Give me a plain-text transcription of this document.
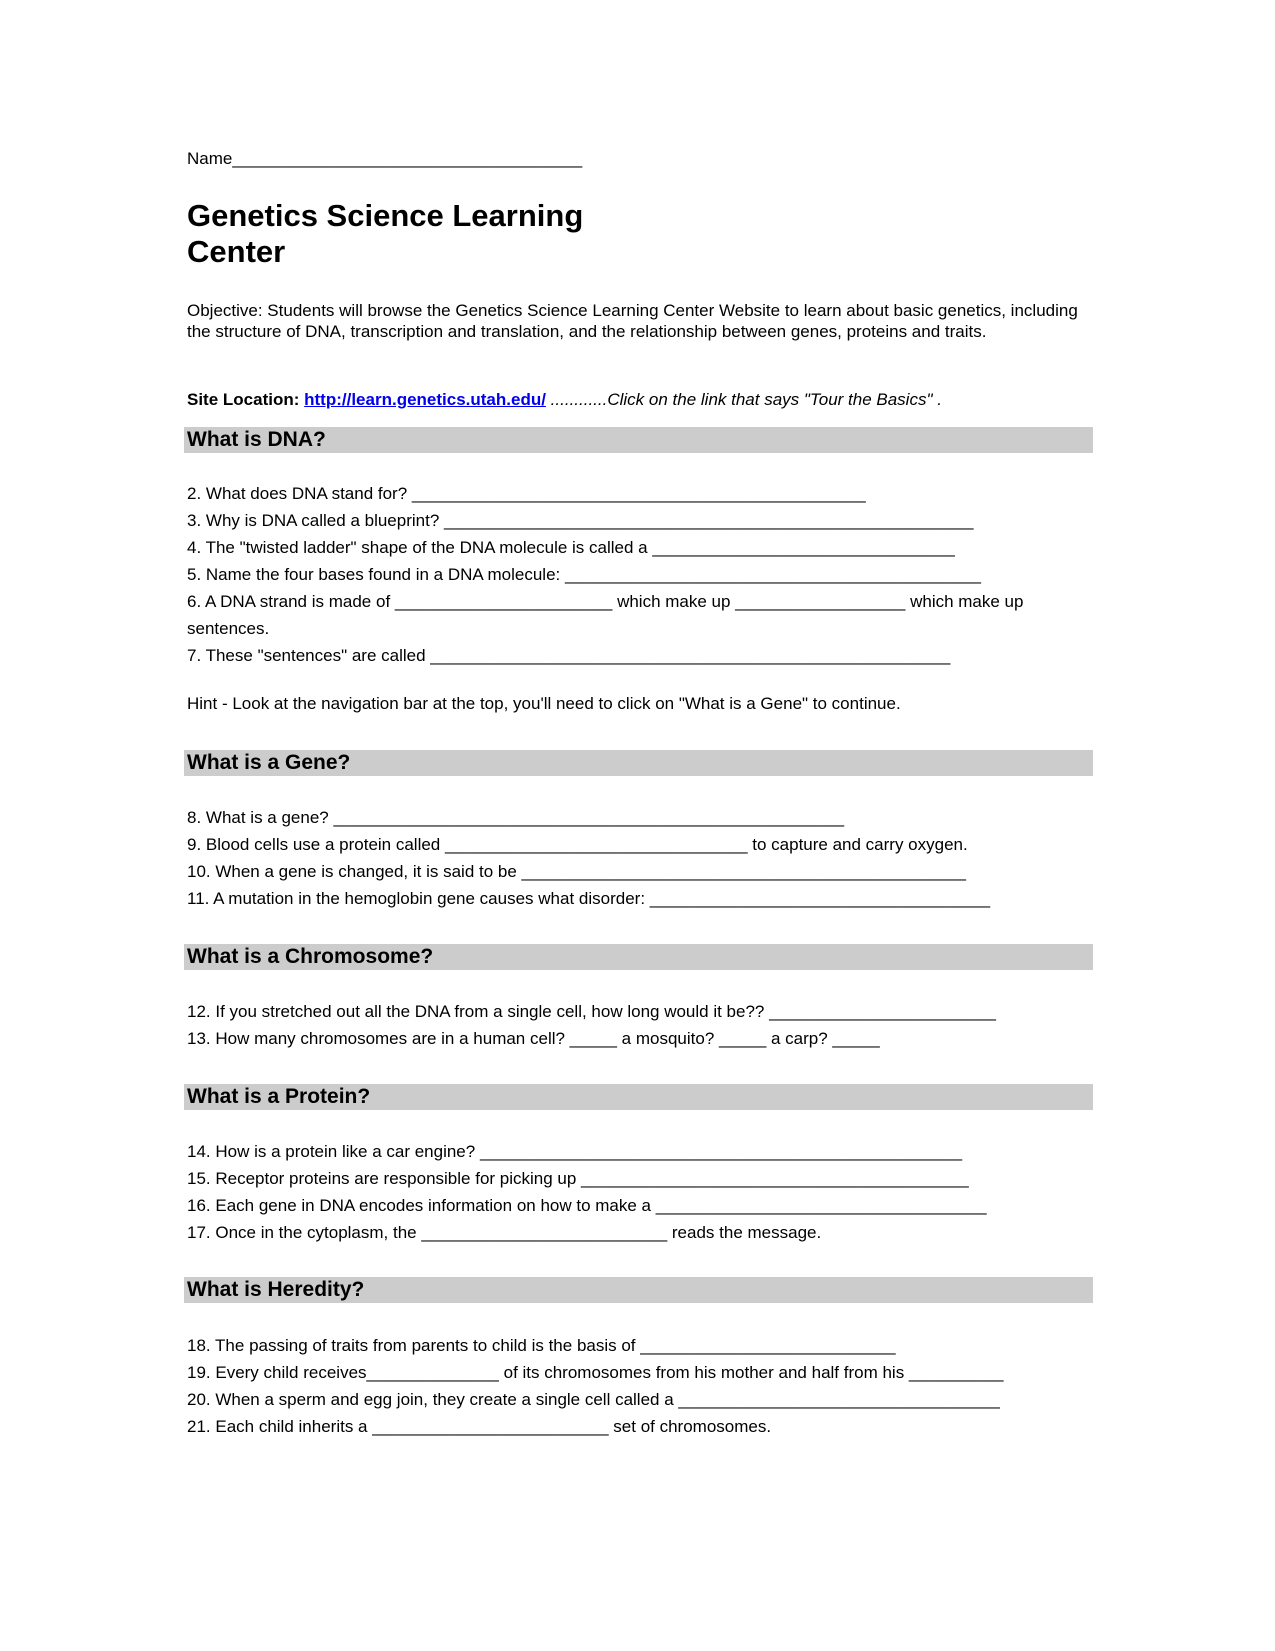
Name_____________________________________
Genetics Science Learning
Center

Objective: Students will browse the Genetics Science Learning Center Website to learn about basic genetics, including the structure of DNA, transcription and translation, and the relationship between genes, proteins and traits.

Site Location: http://learn.genetics.utah.edu/ ............Click on the link that says "Tour the Basics" .
What is DNA?
2. What does DNA stand for? ________________________________________________
3. Why is DNA called a blueprint? ________________________________________________________
4. The "twisted ladder" shape of the DNA molecule is called a ________________________________
5. Name the four bases found in a DNA molecule: ____________________________________________
6. A DNA strand is made of _______________________ which make up __________________ which make up
sentences.
7. These "sentences" are called _______________________________________________________
Hint - Look at the navigation bar at the top, you'll need to click on "What is a Gene" to continue.
What is a Gene?
8. What is a gene? ______________________________________________________
9. Blood cells use a protein called ________________________________ to capture and carry oxygen.
10. When a gene is changed, it is said to be _______________________________________________
11. A mutation in the hemoglobin gene causes what disorder: ____________________________________
What is a Chromosome?
12. If you stretched out all the DNA from a single cell, how long would it be?? ________________________
13. How many chromosomes are in a human cell? _____ a mosquito? _____ a carp? _____
What is a Protein?
14. How is a protein like a car engine? ___________________________________________________
15. Receptor proteins are responsible for picking up _________________________________________
16. Each gene in DNA encodes information on how to make a ___________________________________
17. Once in the cytoplasm, the __________________________ reads the message.
What is Heredity?
18. The passing of traits from parents to child is the basis of ___________________________
19. Every child receives______________ of its chromosomes from his mother and half from his __________
20. When a sperm and egg join, they create a single cell called a __________________________________
21. Each child inherits a _________________________ set of chromosomes.
